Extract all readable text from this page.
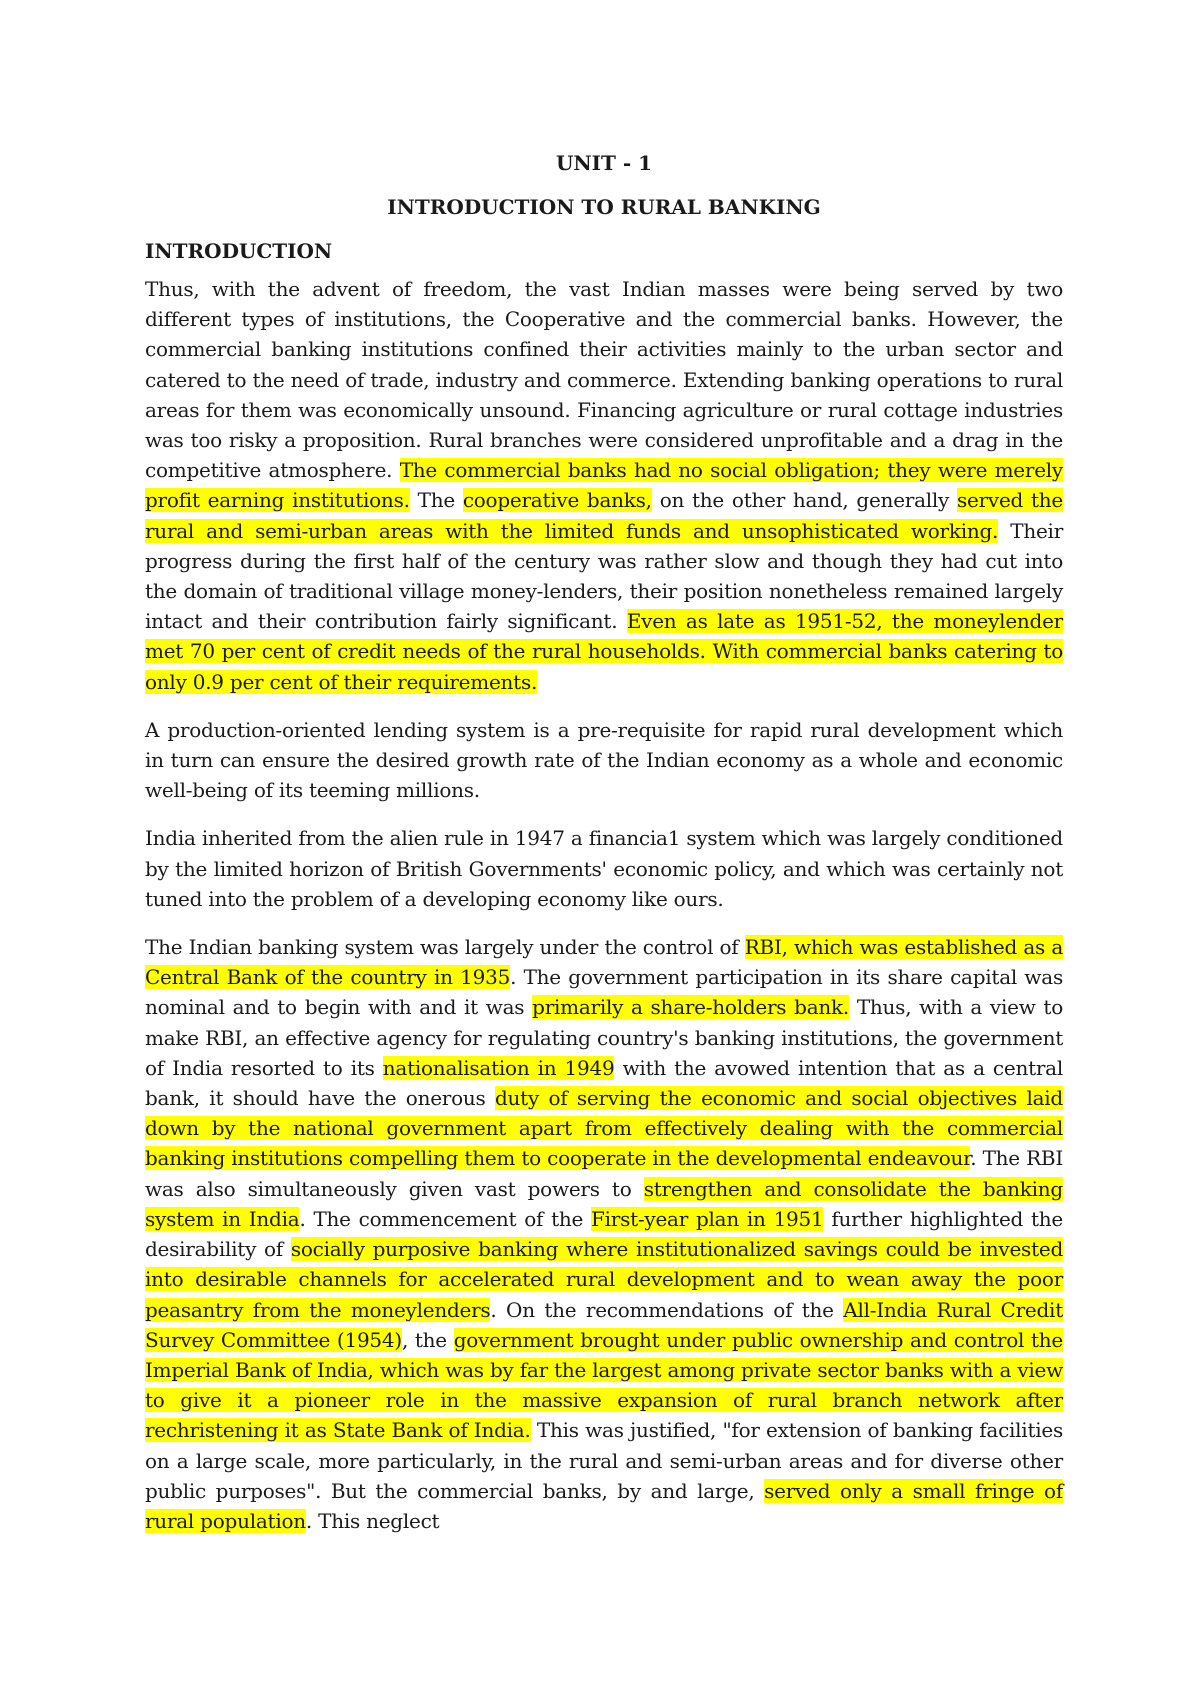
UNIT - 1

INTRODUCTION TO RURAL BANKING

INTRODUCTION

Thus, with the advent of freedom, the vast Indian masses were being served by two different types of institutions, the Cooperative and the commercial banks. However, the commercial banking institutions confined their activities mainly to the urban sector and catered to the need of trade, industry and commerce. Extending banking operations to rural areas for them was economically unsound. Financing agriculture or rural cottage industries was too risky a proposition. Rural branches were considered unprofitable and a drag in the competitive atmosphere. The commercial banks had no social obligation; they were merely profit earning institutions. The cooperative banks, on the other hand, generally served the rural and semi-urban areas with the limited funds and unsophisticated working. Their progress during the first half of the century was rather slow and though they had cut into the domain of traditional village money-lenders, their position nonetheless remained largely intact and their contribution fairly significant. Even as late as 1951-52, the moneylender met 70 per cent of credit needs of the rural households. With commercial banks catering to only 0.9 per cent of their requirements.

A production-oriented lending system is a pre-requisite for rapid rural development which in turn can ensure the desired growth rate of the Indian economy as a whole and economic well-being of its teeming millions.

India inherited from the alien rule in 1947 a financia1 system which was largely conditioned by the limited horizon of British Governments' economic policy, and which was certainly not tuned into the problem of a developing economy like ours.

The Indian banking system was largely under the control of RBI, which was established as a Central Bank of the country in 1935. The government participation in its share capital was nominal and to begin with and it was primarily a share-holders bank. Thus, with a view to make RBI, an effective agency for regulating country's banking institutions, the government of India resorted to its nationalisation in 1949 with the avowed intention that as a central bank, it should have the onerous duty of serving the economic and social objectives laid down by the national government apart from effectively dealing with the commercial banking institutions compelling them to cooperate in the developmental endeavour. The RBI was also simultaneously given vast powers to strengthen and consolidate the banking system in India. The commencement of the First-year plan in 1951 further highlighted the desirability of socially purposive banking where institutionalized savings could be invested into desirable channels for accelerated rural development and to wean away the poor peasantry from the moneylenders. On the recommendations of the All-India Rural Credit Survey Committee (1954), the government brought under public ownership and control the Imperial Bank of India, which was by far the largest among private sector banks with a view to give it a pioneer role in the massive expansion of rural branch network after rechristening it as State Bank of India. This was justified, "for extension of banking facilities on a large scale, more particularly, in the rural and semi-urban areas and for diverse other public purposes". But the commercial banks, by and large, served only a small fringe of rural population. This neglect
